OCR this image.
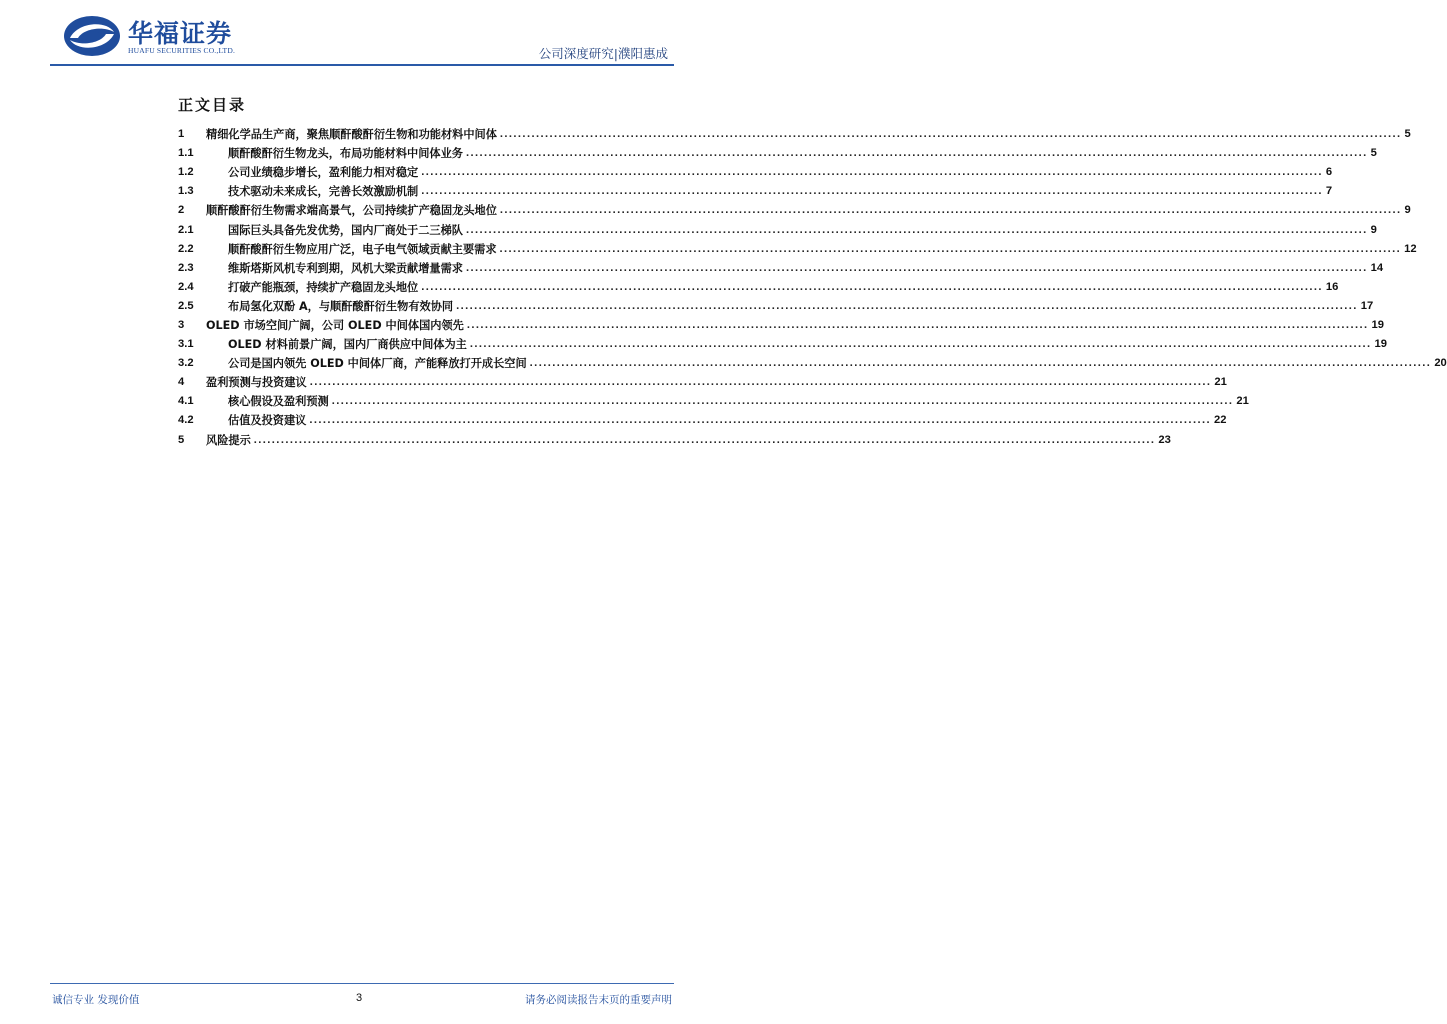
华福证券
HUAFU SECURITIES CO.,LTD.	公司深度研究|濮阳惠成
正文目录
1	精细化学品生产商，聚焦顺酐酸酐衍生物和功能材料中间体 ........................................................................................................................................................................................................ 5
1.1	顺酐酸酐衍生物龙头，布局功能材料中间体业务 ........................................................................................................................................................................................................ 5
1.2	公司业绩稳步增长，盈利能力相对稳定 ........................................................................................................................................................................................................ 6
1.3	技术驱动未来成长，完善长效激励机制 ........................................................................................................................................................................................................ 7
2	顺酐酸酐衍生物需求端高景气，公司持续扩产稳固龙头地位 ........................................................................................................................................................................................................ 9
2.1	国际巨头具备先发优势，国内厂商处于二三梯队 ........................................................................................................................................................................................................ 9
2.2	顺酐酸酐衍生物应用广泛，电子电气领域贡献主要需求 ........................................................................................................................................................................................................ 12
2.3	维斯塔斯风机专利到期，风机大梁贡献增量需求 ........................................................................................................................................................................................................ 14
2.4	打破产能瓶颈，持续扩产稳固龙头地位 ........................................................................................................................................................................................................ 16
2.5	布局氢化双酚 A，与顺酐酸酐衍生物有效协同 ........................................................................................................................................................................................................ 17
3	OLED 市场空间广阔，公司 OLED 中间体国内领先 ........................................................................................................................................................................................................ 19
3.1	OLED 材料前景广阔，国内厂商供应中间体为主 ........................................................................................................................................................................................................ 19
3.2	公司是国内领先 OLED 中间体厂商，产能释放打开成长空间 ........................................................................................................................................................................................................ 20
4	盈利预测与投资建议 ........................................................................................................................................................................................................ 21
4.1	核心假设及盈利预测 ........................................................................................................................................................................................................ 21
4.2	估值及投资建议 ........................................................................................................................................................................................................ 22
5	风险提示 ........................................................................................................................................................................................................ 23
诚信专业 发现价值	3	请务必阅读报告末页的重要声明
